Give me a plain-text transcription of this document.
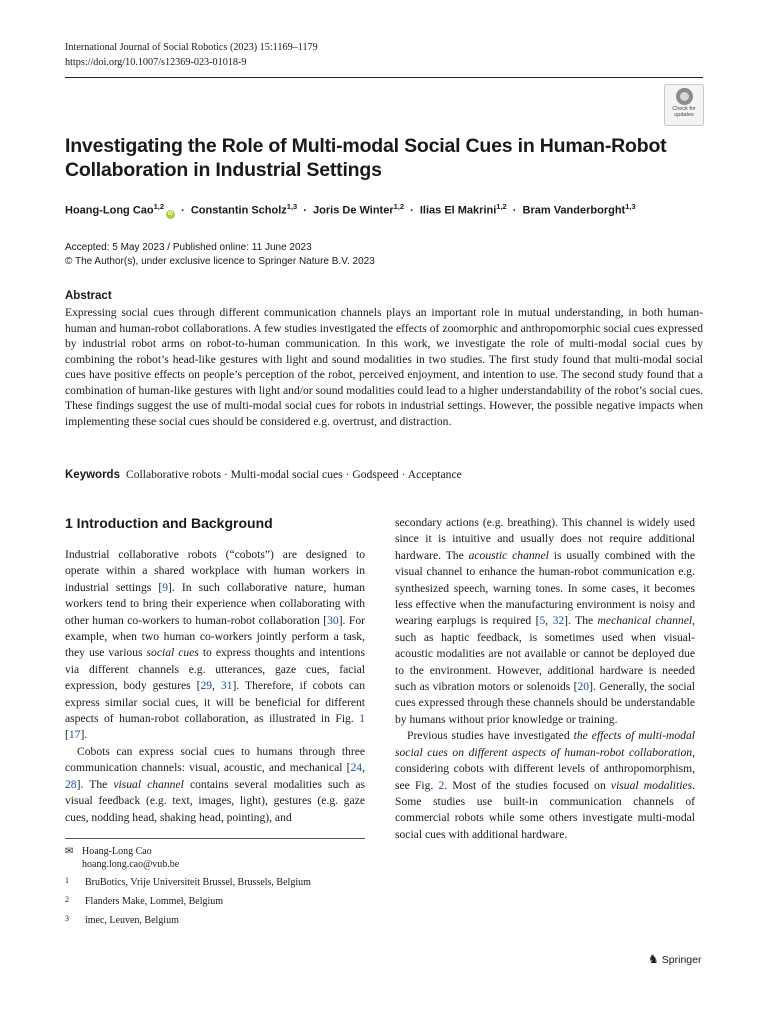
International Journal of Social Robotics (2023) 15:1169–1179
https://doi.org/10.1007/s12369-023-01018-9
Check for updates
Investigating the Role of Multi-modal Social Cues in Human-Robot Collaboration in Industrial Settings
Hoang-Long Cao$^{1,2}$iD · Constantin Scholz$^{1,3}$ · Joris De Winter$^{1,2}$ · Ilias El Makrini$^{1,2}$ · Bram Vanderborght$^{1,3}$
Accepted: 5 May 2023 / Published online: 11 June 2023
© The Author(s), under exclusive licence to Springer Nature B.V. 2023
Abstract
Expressing social cues through different communication channels plays an important role in mutual understanding, in both human-human and human-robot collaborations. A few studies investigated the effects of zoomorphic and anthropomorphic social cues expressed by industrial robot arms on robot-to-human communication. In this work, we investigate the role of multi-modal social cues by combining the robot’s head-like gestures with light and sound modalities in two studies. The first study found that multi-modal social cues have positive effects on people’s perception of the robot, perceived enjoyment, and intention to use. The second study found that a combination of human-like gestures with light and/or sound modalities could lead to a higher understandability of the robot’s social cues. These findings suggest the use of multi-modal social cues for robots in industrial settings. However, the possible negative impacts when implementing these social cues should be considered e.g. overtrust, and distraction.
Keywords Collaborative robots · Multi-modal social cues · Godspeed · Acceptance
1 Introduction and Background

Industrial collaborative robots (“cobots”) are designed to operate within a shared workplace with human workers in industrial settings [9]. In such collaborative nature, human workers tend to bring their experience when collaborating with other human co-workers to human-robot collaboration [30]. For example, when two human co-workers jointly perform a task, they use various social cues to express thoughts and intentions via different channels e.g. utterances, gaze cues, facial expression, body gestures [29, 31]. Therefore, if cobots can express similar social cues, it will be beneficial for different aspects of human-robot collaboration, as illustrated in Fig. 1 [17].

Cobots can express social cues to humans through three communication channels: visual, acoustic, and mechanical [24, 28]. The visual channel contains several modalities such as visual feedback (e.g. text, images, light), gestures (e.g. gaze cues, nodding head, shaking head, pointing), and

secondary actions (e.g. breathing). This channel is widely used since it is intuitive and usually does not require additional hardware. The acoustic channel is usually combined with the visual channel to enhance the human-robot communication e.g. synthesized speech, warning tones. In some cases, it becomes less effective when the manufacturing environment is noisy and wearing earplugs is required [5, 32]. The mechanical channel, such as haptic feedback, is sometimes used when visual-acoustic modalities are not available or cannot be deployed due to the environment. However, additional hardware is needed such as vibration motors or solenoids [20]. Generally, the social cues expressed through these channels should be understandable by humans without prior knowledge or training.

Previous studies have investigated the effects of multi-modal social cues on different aspects of human-robot collaboration, considering cobots with different levels of anthropomorphism, see Fig. 2. Most of the studies focused on visual modalities. Some studies use built-in communication channels of commercial robots while some others investigate multi-modal social cues with additional hardware.

✉ Hoang-Long Cao
hoang.long.cao@vub.be
1 BruBotics, Vrije Universiteit Brussel, Brussels, Belgium
2 Flanders Make, Lommel, Belgium
3 imec, Leuven, Belgium
♞ Springer
